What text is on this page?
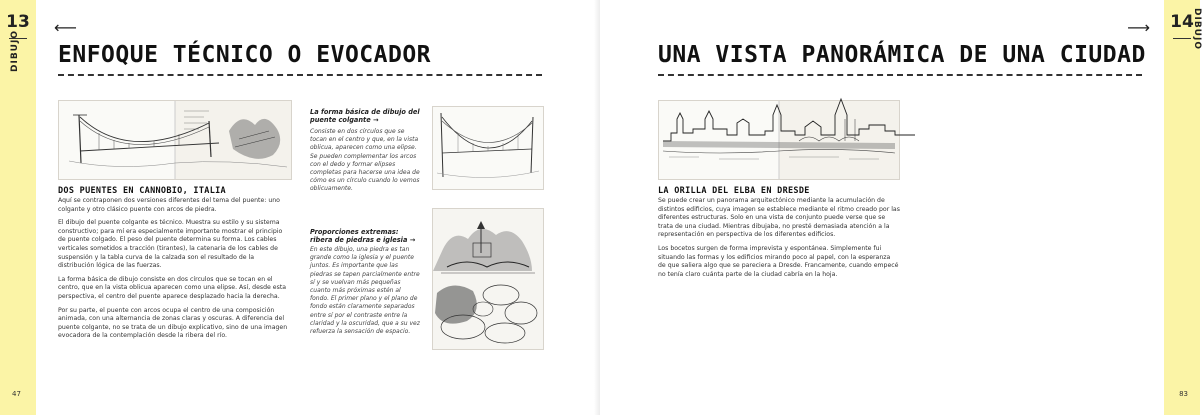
13
DIBUJO
⟵
ENFOQUE TÉCNICO O EVOCADOR
DOS PUENTES EN CANNOBIO, ITALIA

Aquí se contraponen dos versiones diferentes del tema del puente: uno colgante y otro clásico puente con arcos de piedra.

El dibujo del puente colgante es técnico. Muestra su estilo y su sistema constructivo; para mí era especialmente importante mostrar el principio de puente colgado. El peso del puente determina su forma. Los cables verticales sometidos a tracción (tirantes), la catenaria de los cables de suspensión y la tabla curva de la calzada son el resultado de la distribución lógica de las fuerzas.

La forma básica de dibujo consiste en dos círculos que se tocan en el centro, que en la vista oblicua aparecen como una elipse. Así, desde esta perspectiva, el centro del puente aparece desplazado hacia la derecha.

Por su parte, el puente con arcos ocupa el centro de una composición animada, con una alternancia de zonas claras y oscuras. A diferencia del puente colgante, no se trata de un dibujo explicativo, sino de una imagen evocadora de la contemplación desde la ribera del río.

La forma básica de dibujo del puente colgante →
Consiste en dos círculos que se tocan en el centro y que, en la vista oblicua, aparecen como una elipse. Se pueden complementar los arcos con el dedo y formar elipses completas para hacerse una idea de cómo es un círculo cuando lo vemos oblicuamente.
Proporciones extremas: ribera de piedras e iglesia →
En este dibujo, una piedra es tan grande como la iglesia y el puente juntos. Es importante que las piedras se tapen parcialmente entre sí y se vuelvan más pequeñas cuanto más próximas estén al fondo. El primer plano y el plano de fondo están claramente separados entre sí por el contraste entre la claridad y la oscuridad, que a su vez refuerza la sensación de espacio.
47
14
DIBUJO
⟶
UNA VISTA PANORÁMICA DE UNA CIUDAD
LA ORILLA DEL ELBA EN DRESDE

Se puede crear un panorama arquitectónico mediante la acumulación de distintos edificios, cuya imagen se establece mediante el ritmo creado por las diferentes estructuras. Solo en una vista de conjunto puede verse que se trata de una ciudad. Mientras dibujaba, no presté demasiada atención a la representación en perspectiva de los diferentes edificios.

Los bocetos surgen de forma imprevista y espontánea. Simplemente fui situando las formas y los edificios mirando poco al papel, con la esperanza de que saliera algo que se pareciera a Dresde. Francamente, cuando empecé no tenía claro cuánta parte de la ciudad cabría en la hoja.

83
